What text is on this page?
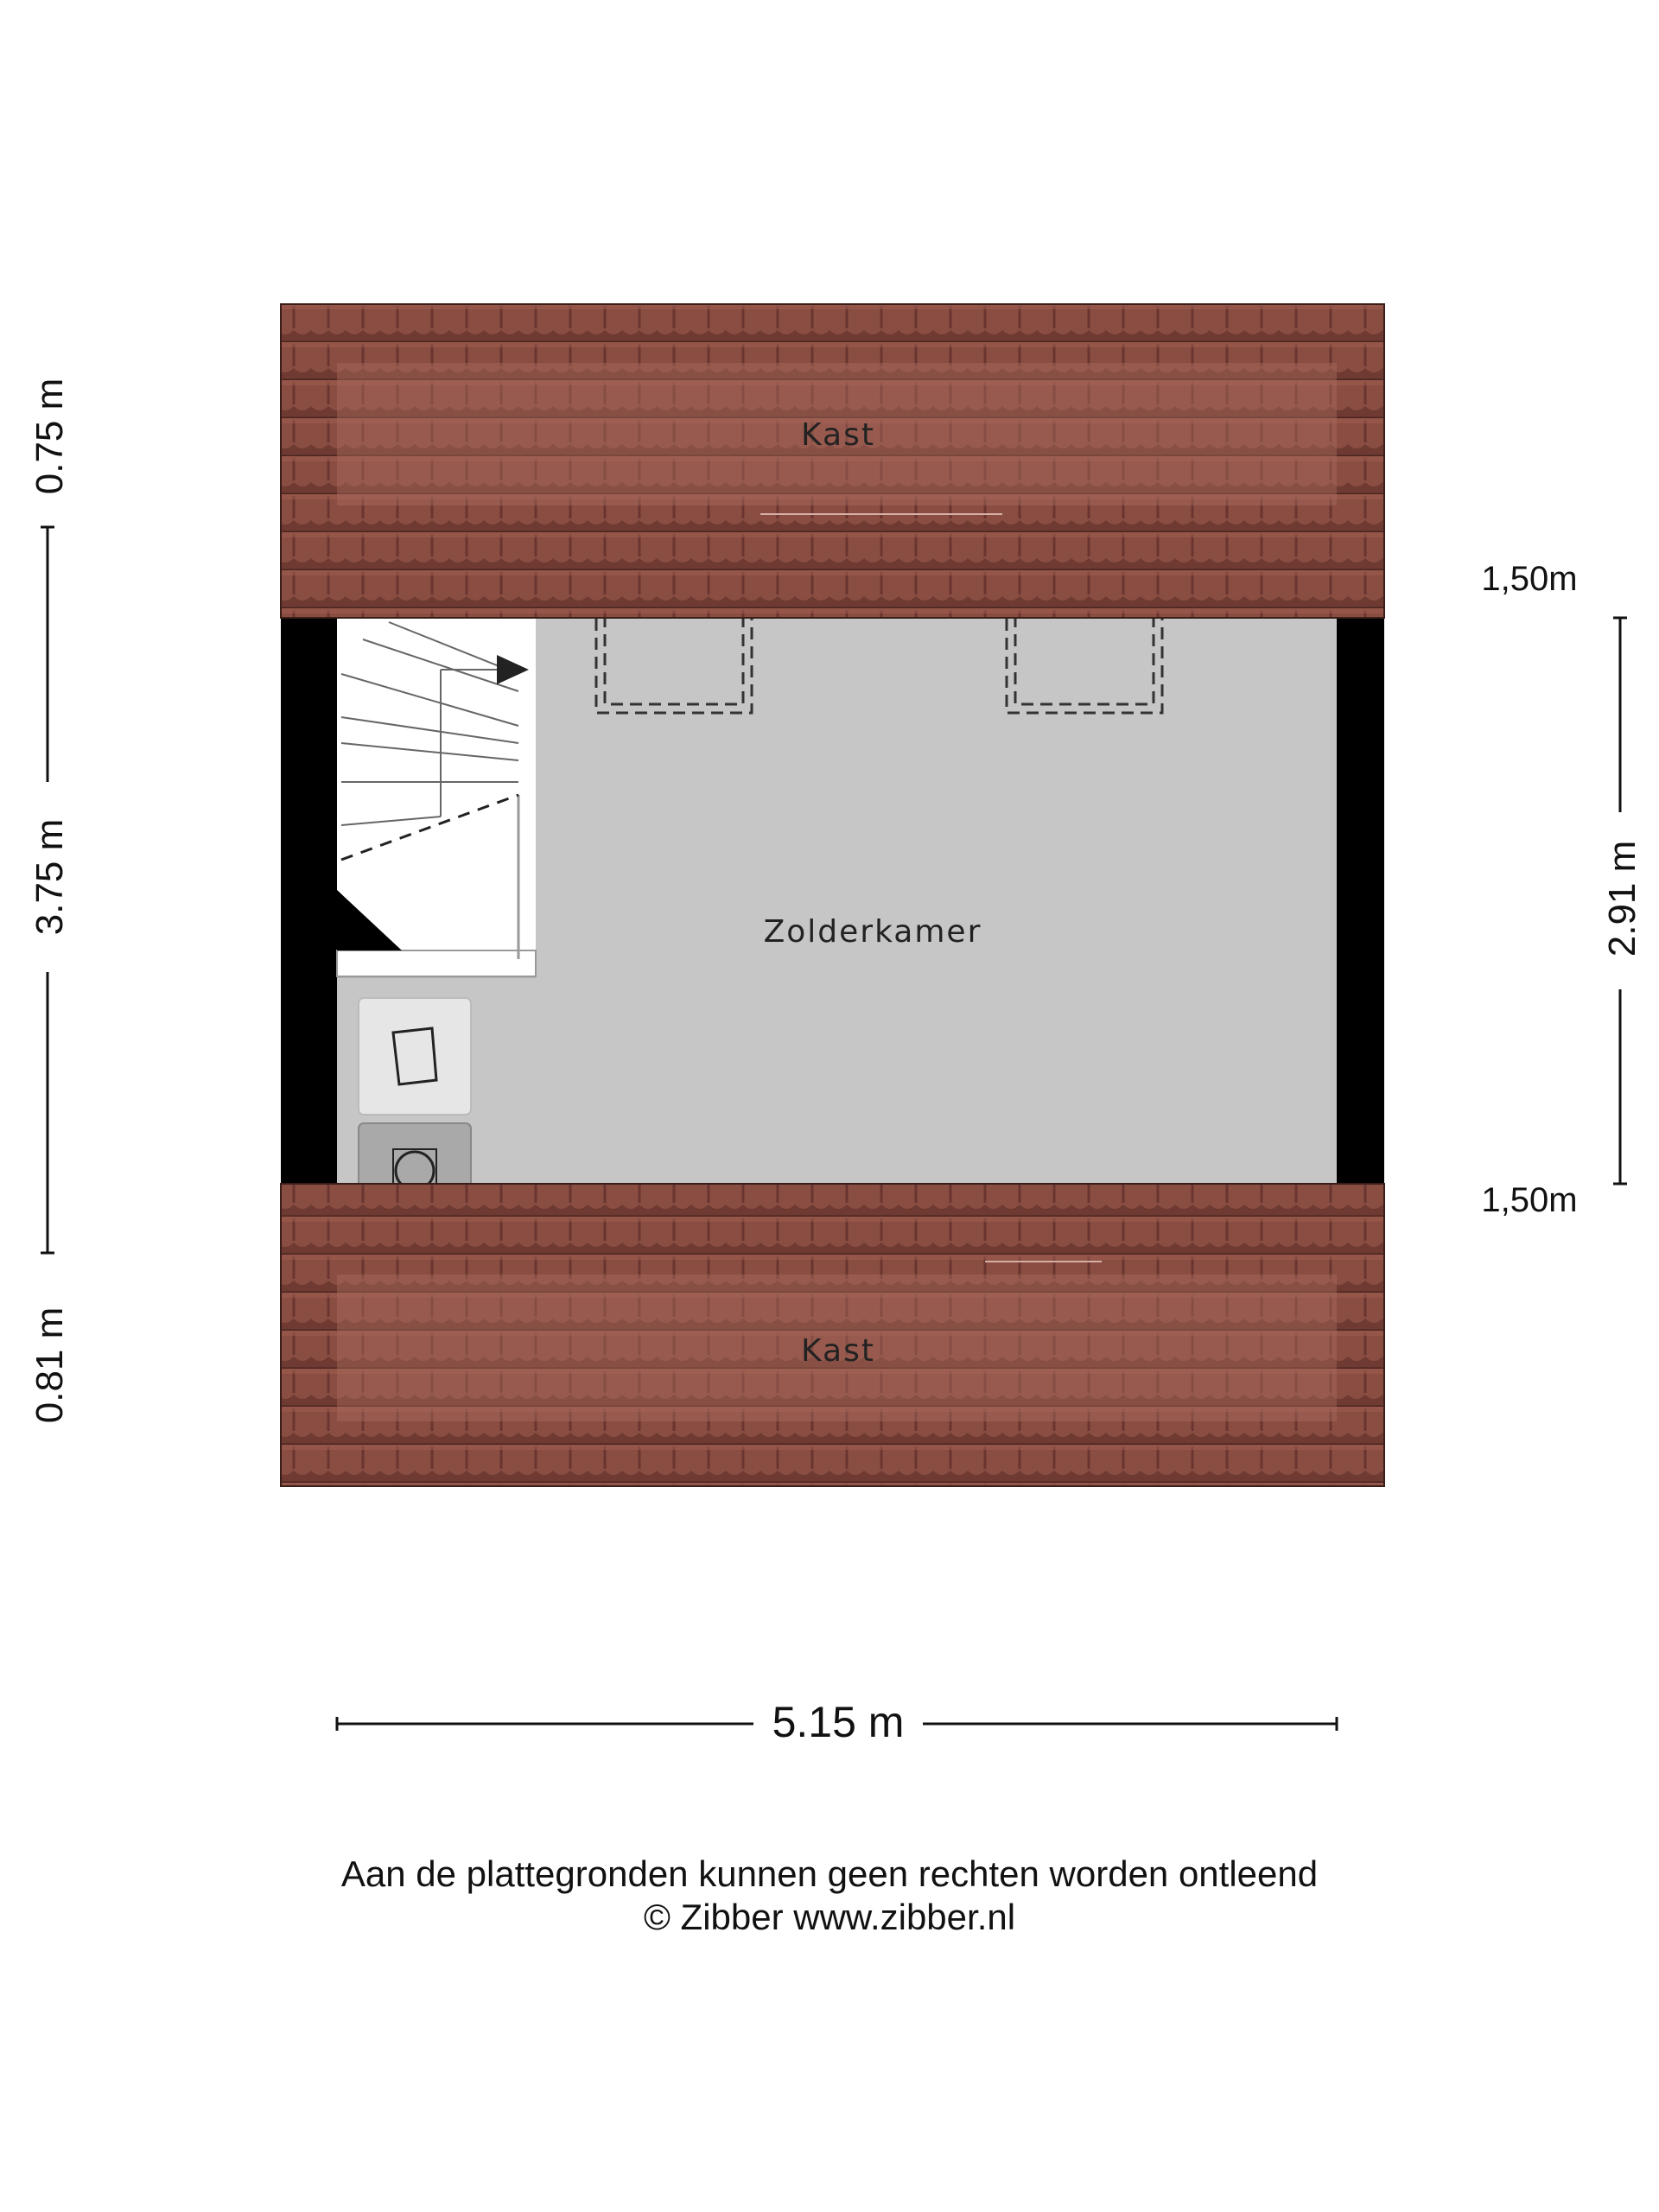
Kast
Zolderkamer
Kast
0.75 m
3.75 m
0.81 m
2.91 m
1,50m
1,50m
5.15 m
Aan de plattegronden kunnen geen rechten worden ontleend
© Zibber www.zibber.nl
